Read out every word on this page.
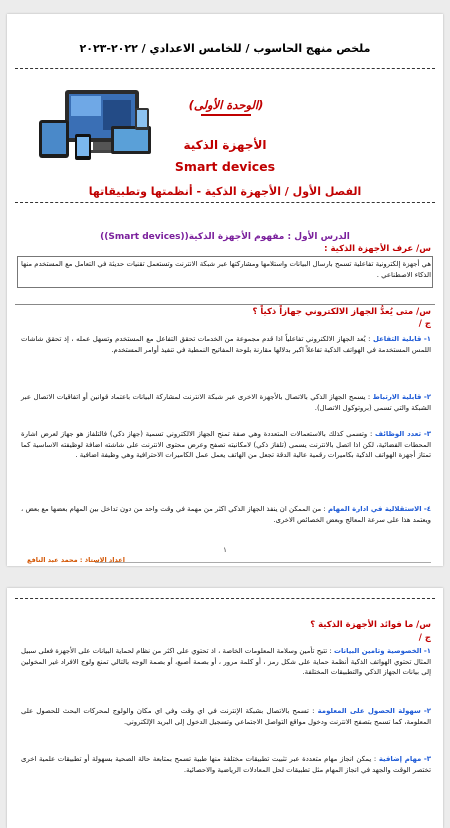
ملخص منهج الحاسوب / للخامس الاعدادي / ٢٠٢٢-٢٠٢٣
(الوحدة الأولى)
الأجهزة الذكية
Smart devices
الفصل الأول / الأجهزة الذكية - أنظمتها وتطبيقاتها
الدرس الأول : مفهوم الأجهزة الذكية((Smart devices))
س/ عرف الأجهزة الذكية :
هي أجهزة إلكترونية تفاعلية تسمح بارسال البيانات واستلامها ومشاركتها عبر شبكة الانترنت وتستعمل تقنيات حديثة في التعامل مع المستخدم منها الذكاء الاصطناعي .
س/ متى يُعدُّ الجهاز الالكتروني جهازاً ذكياً ؟
ج /
١- قابلية التفاعل : يُعد الجهاز الالكتروني تفاعلياً اذا قدم مجموعة من الخدمات تحقق التفاعل مع المستخدم وتسهل عمله ، إذ تحقق شاشات اللمس المستخدمة في الهواتف الذكية تفاعلاً اكبر بدلالها مقارنة بلوحة المفاتيح النمطية في تنفيذ أوامر المستخدم.
٢- قابلية الارتباط : يسمح الجهاز الذكي بالاتصال بالأجهزة الاخرى عبر شبكة الانترنت لمشاركة البيانات باعتماد قوانين أو اتفاقيات الاتصال عبر الشبكة والتي تسمى (بروتوكول الاتصال).
٣- تعدد الوظائف : وتسمى كذلك بالاستعمالات المتعددة وهي صفة تمنح الجهاز الالكتروني تسمية (جهاز ذكي) فالتلفاز هو جهاز لعرض اشارة المحطات الفضائية، لكن اذا اتصل بالانترنت يسمى (تلفاز ذكي) لامكانيته تصفح وعرض محتوى الانترنت على شاشته اضافة لوظيفته الاساسية كما تمتاز أجهزة الهواتف الذكية بكاميرات رقمية عالية الدقة تجعل من الهاتف يعمل عمل الكاميرات الاحترافية وهي وظيفة اضافية .
٤- الاستقلالية في ادارة المهام : من الممكن ان ينفذ الجهاز الذكي اكثر من مهمة في وقت واحد من دون تداخل بين المهام بعضها مع بعض ، ويعتمد هذا على سرعة المعالج وبعض الخصائص الاخرى.
١
اعداد الاستاذ : محمد عبد النافع
س/ ما فوائد الأجهزة الذكية ؟
ج /
١- الخصوصية وتامين البيانات : تتيح تأمين وسلامة المعلومات الخاصة ، اذ تحتوي على اكثر من نظام لحماية البيانات على الأجهزة فعلى سبيل المثال تحتوي الهواتف الذكية أنظمة حماية على شكل رمز ، أو كلمة مرور ، أو بصمة أصبع، أو بصمة الوجه بالتالي تمنع ولوج الافراد غير المخولين إلى بيانات الجهاز الذكي والتطبيقات المختلفة.
٢- سهولة الحصول على المعلومة : تسمح بالاتصال بشبكة الإنترنت في اي وقت وفي اي مكان والولوج لمحركات البحث للحصول على المعلومة، كما تسمح بتصفح الانترنت ودخول مواقع التواصل الاجتماعي وتسجيل الدخول إلى البريد الإلكتروني.
٣- مهام إضافية : يمكن انجاز مهام متعددة عبر تثبيت تطبيقات مختلفة منها طبية تسمح بمتابعة حالة الصحية بسهولة أو تطبيقات علمية اخرى تختصر الوقت والجهد في انجاز المهام مثل تطبيقات لحل المعادلات الرياضية والاحصائية.
